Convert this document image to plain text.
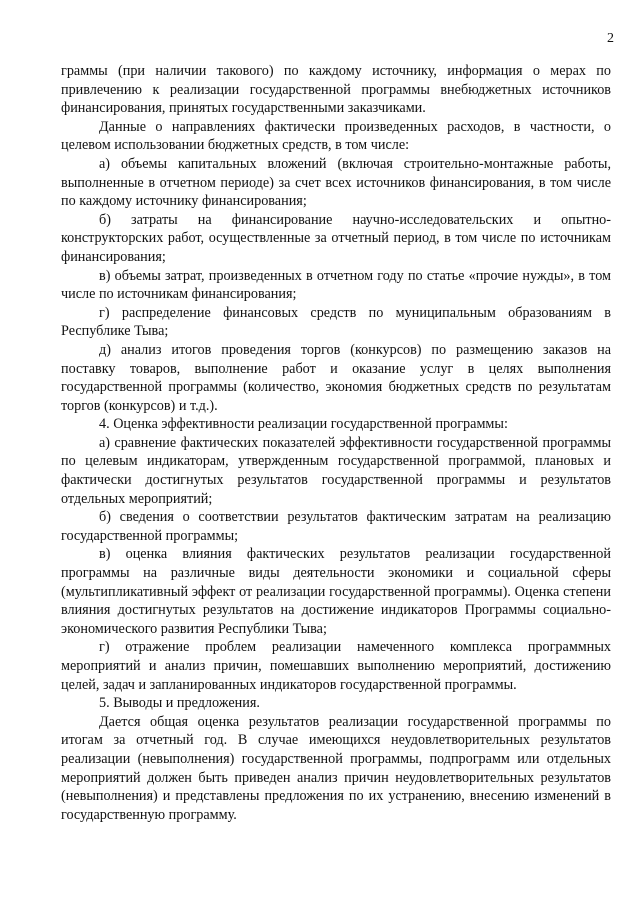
2

граммы (при наличии такового) по каждому источнику, информация о мерах по привлечению к реализации государственной программы внебюджетных источников финансирования, принятых государственными заказчиками.

Данные о направлениях фактически произведенных расходов, в частности, о целевом использовании бюджетных средств, в том числе:

а) объемы капитальных вложений (включая строительно-монтажные работы, выполненные в отчетном периоде) за счет всех источников финансирования, в том числе по каждому источнику финансирования;

б) затраты на финансирование научно-исследовательских и опытно-конструкторских работ, осуществленные за отчетный период, в том числе по источникам финансирования;

в) объемы затрат, произведенных в отчетном году по статье «прочие нужды», в том числе по источникам финансирования;

г) распределение финансовых средств по муниципальным образованиям в Республике Тыва;

д) анализ итогов проведения торгов (конкурсов) по размещению заказов на поставку товаров, выполнение работ и оказание услуг в целях выполнения государственной программы (количество, экономия бюджетных средств по результатам торгов (конкурсов) и т.д.).

4. Оценка эффективности реализации государственной программы:

а) сравнение фактических показателей эффективности государственной программы по целевым индикаторам, утвержденным государственной программой, плановых и фактически достигнутых результатов государственной программы и результатов отдельных мероприятий;

б) сведения о соответствии результатов фактическим затратам на реализацию государственной программы;

в) оценка влияния фактических результатов реализации государственной программы на различные виды деятельности экономики и социальной сферы (мультипликативный эффект от реализации государственной программы). Оценка степени влияния достигнутых результатов на достижение индикаторов Программы социально-экономического развития Республики Тыва;

г) отражение проблем реализации намеченного комплекса программных мероприятий и анализ причин, помешавших выполнению мероприятий, достижению целей, задач и запланированных индикаторов государственной программы.

5. Выводы и предложения.

Дается общая оценка результатов реализации государственной программы по итогам за отчетный год. В случае имеющихся неудовлетворительных результатов реализации (невыполнения) государственной программы, подпрограмм или отдельных мероприятий должен быть приведен анализ причин неудовлетворительных результатов (невыполнения) и представлены предложения по их устранению, внесению изменений в государственную программу.
